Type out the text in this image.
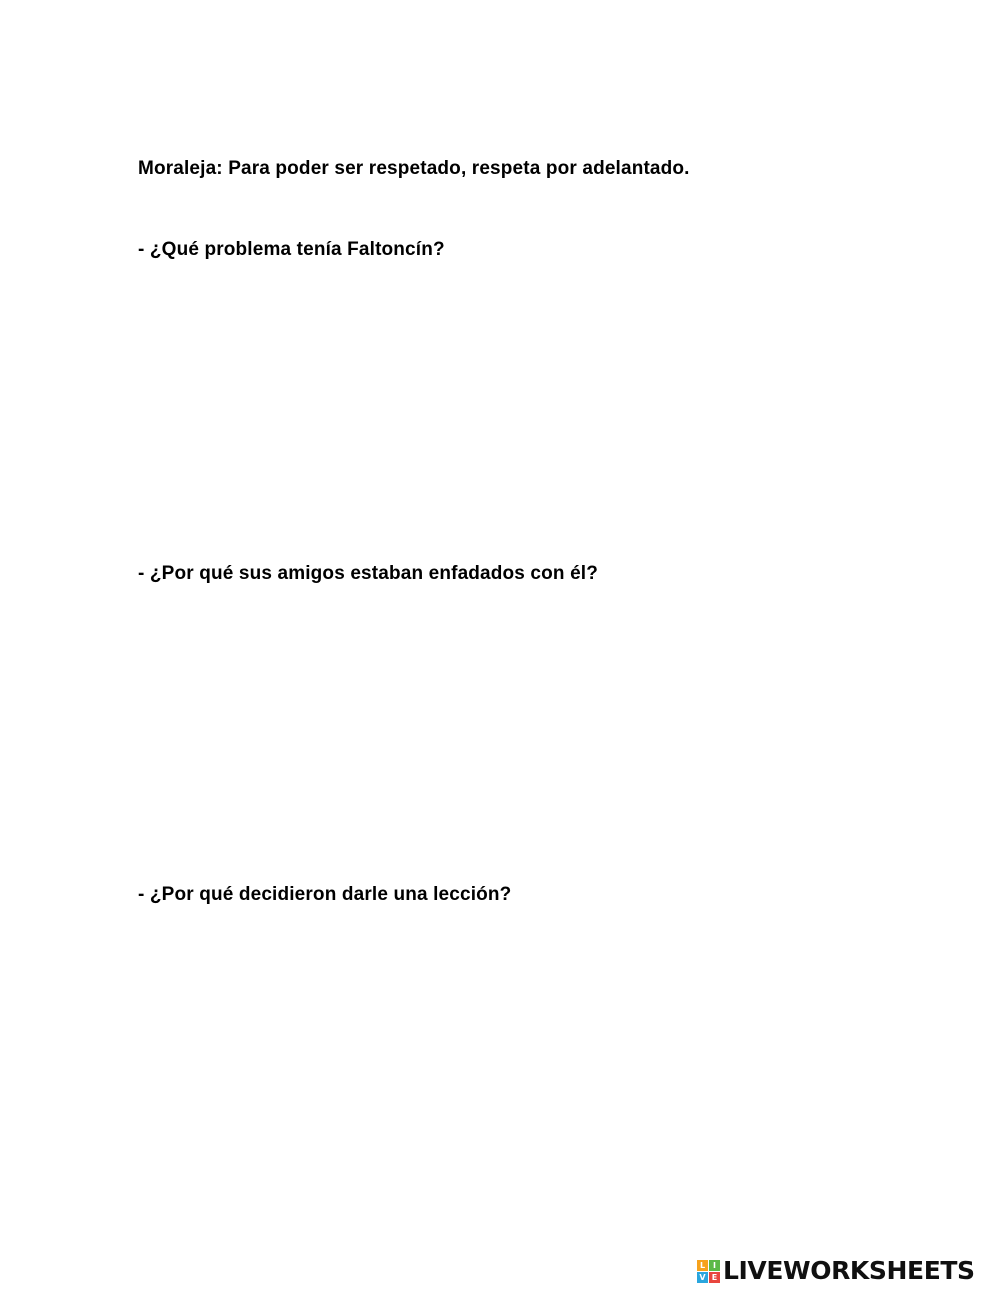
Moraleja: Para poder ser respetado, respeta por adelantado.
- ¿Qué problema tenía Faltoncín?
- ¿Por qué sus amigos estaban enfadados con él?
- ¿Por qué decidieron darle una lección?
L I
V E LIVEWORKSHEETS
